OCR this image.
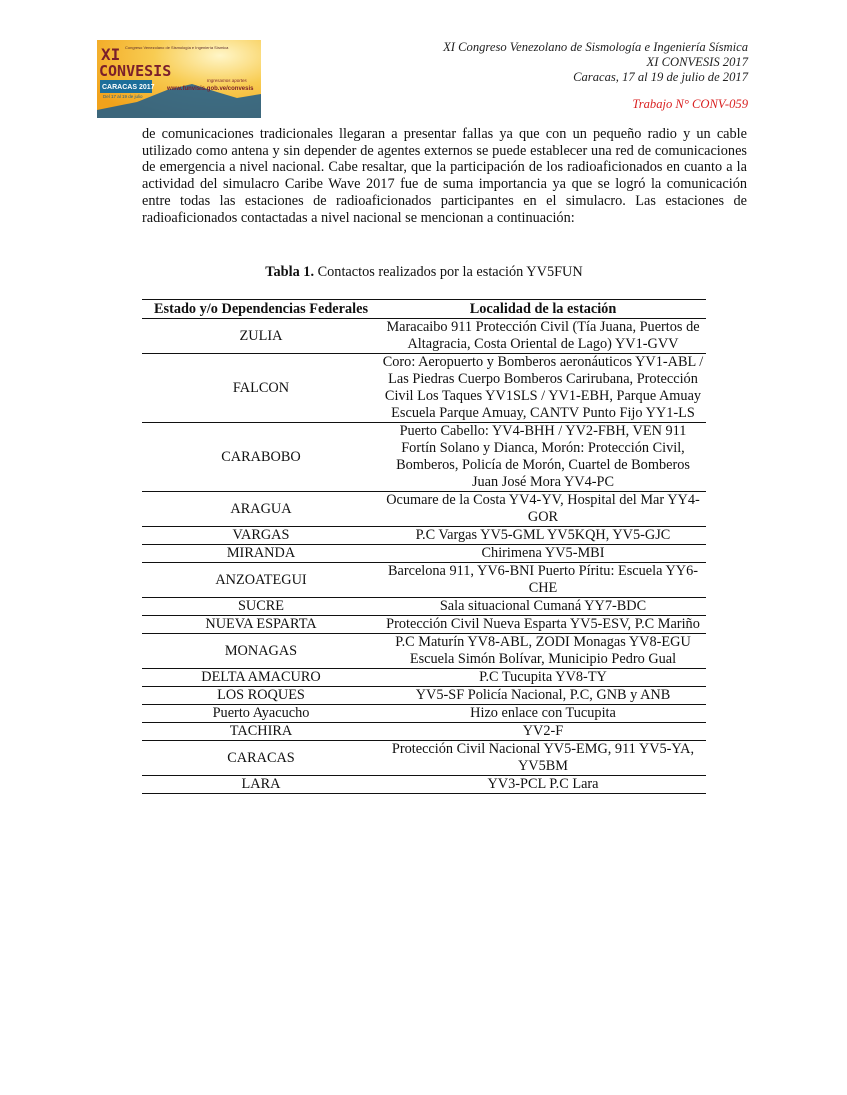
XI
CONVESIS
Congreso Venezolano de Sismología e Ingeniería Sísmica
CARACAS 2017
Del 17 al 19 de julio
Ingresamos aportes
www.funvisis.gob.ve/convesis
XI Congreso Venezolano de Sismología e Ingeniería Sísmica
XI CONVESIS 2017
Caracas, 17 al 19 de julio de 2017
Trabajo N° CONV-059

de comunicaciones tradicionales llegaran a presentar fallas ya que con un pequeño radio y un cable utilizado como antena y sin depender de agentes externos se puede establecer una red de comunicaciones de emergencia a nivel nacional. Cabe resaltar, que la participación de los radioaficionados en cuanto a la actividad del simulacro Caribe Wave 2017 fue de suma importancia ya que se logró la comunicación entre todas las estaciones de radioaficionados participantes en el simulacro. Las estaciones de radioaficionados contactadas a nivel nacional se mencionan a continuación:

Tabla 1. Contactos realizados por la estación YV5FUN
Estado y/o Dependencias Federales	Localidad de la estación
ZULIA	Maracaibo 911 Protección Civil (Tía Juana, Puertos de Altagracia, Costa Oriental de Lago) YV1-GVV
FALCON	Coro: Aeropuerto y Bomberos aeronáuticos YV1-ABL / Las Piedras Cuerpo Bomberos Carirubana, Protección Civil Los Taques YV1SLS / YV1-EBH, Parque Amuay Escuela Parque Amuay, CANTV Punto Fijo YY1-LS
CARABOBO	Puerto Cabello: YV4-BHH / YV2-FBH, VEN 911 Fortín Solano y Dianca, Morón: Protección Civil, Bomberos, Policía de Morón, Cuartel de Bomberos Juan José Mora YV4-PC
ARAGUA	Ocumare de la Costa YV4-YV, Hospital del Mar YY4-GOR
VARGAS	P.C Vargas YV5-GML YV5KQH, YV5-GJC
MIRANDA	Chirimena YV5-MBI
ANZOATEGUI	Barcelona 911, YV6-BNI Puerto Píritu: Escuela YY6-CHE
SUCRE	Sala situacional Cumaná YY7-BDC
NUEVA ESPARTA	Protección Civil Nueva Esparta YV5-ESV, P.C Mariño
MONAGAS	P.C Maturín YV8-ABL, ZODI Monagas YV8-EGU Escuela Simón Bolívar, Municipio Pedro Gual
DELTA AMACURO	P.C Tucupita YV8-TY
LOS ROQUES	YV5-SF Policía Nacional, P.C, GNB y ANB
Puerto Ayacucho	Hizo enlace con Tucupita
TACHIRA	YV2-F
CARACAS	Protección Civil Nacional YV5-EMG, 911 YV5-YA, YV5BM
LARA	YV3-PCL P.C Lara
